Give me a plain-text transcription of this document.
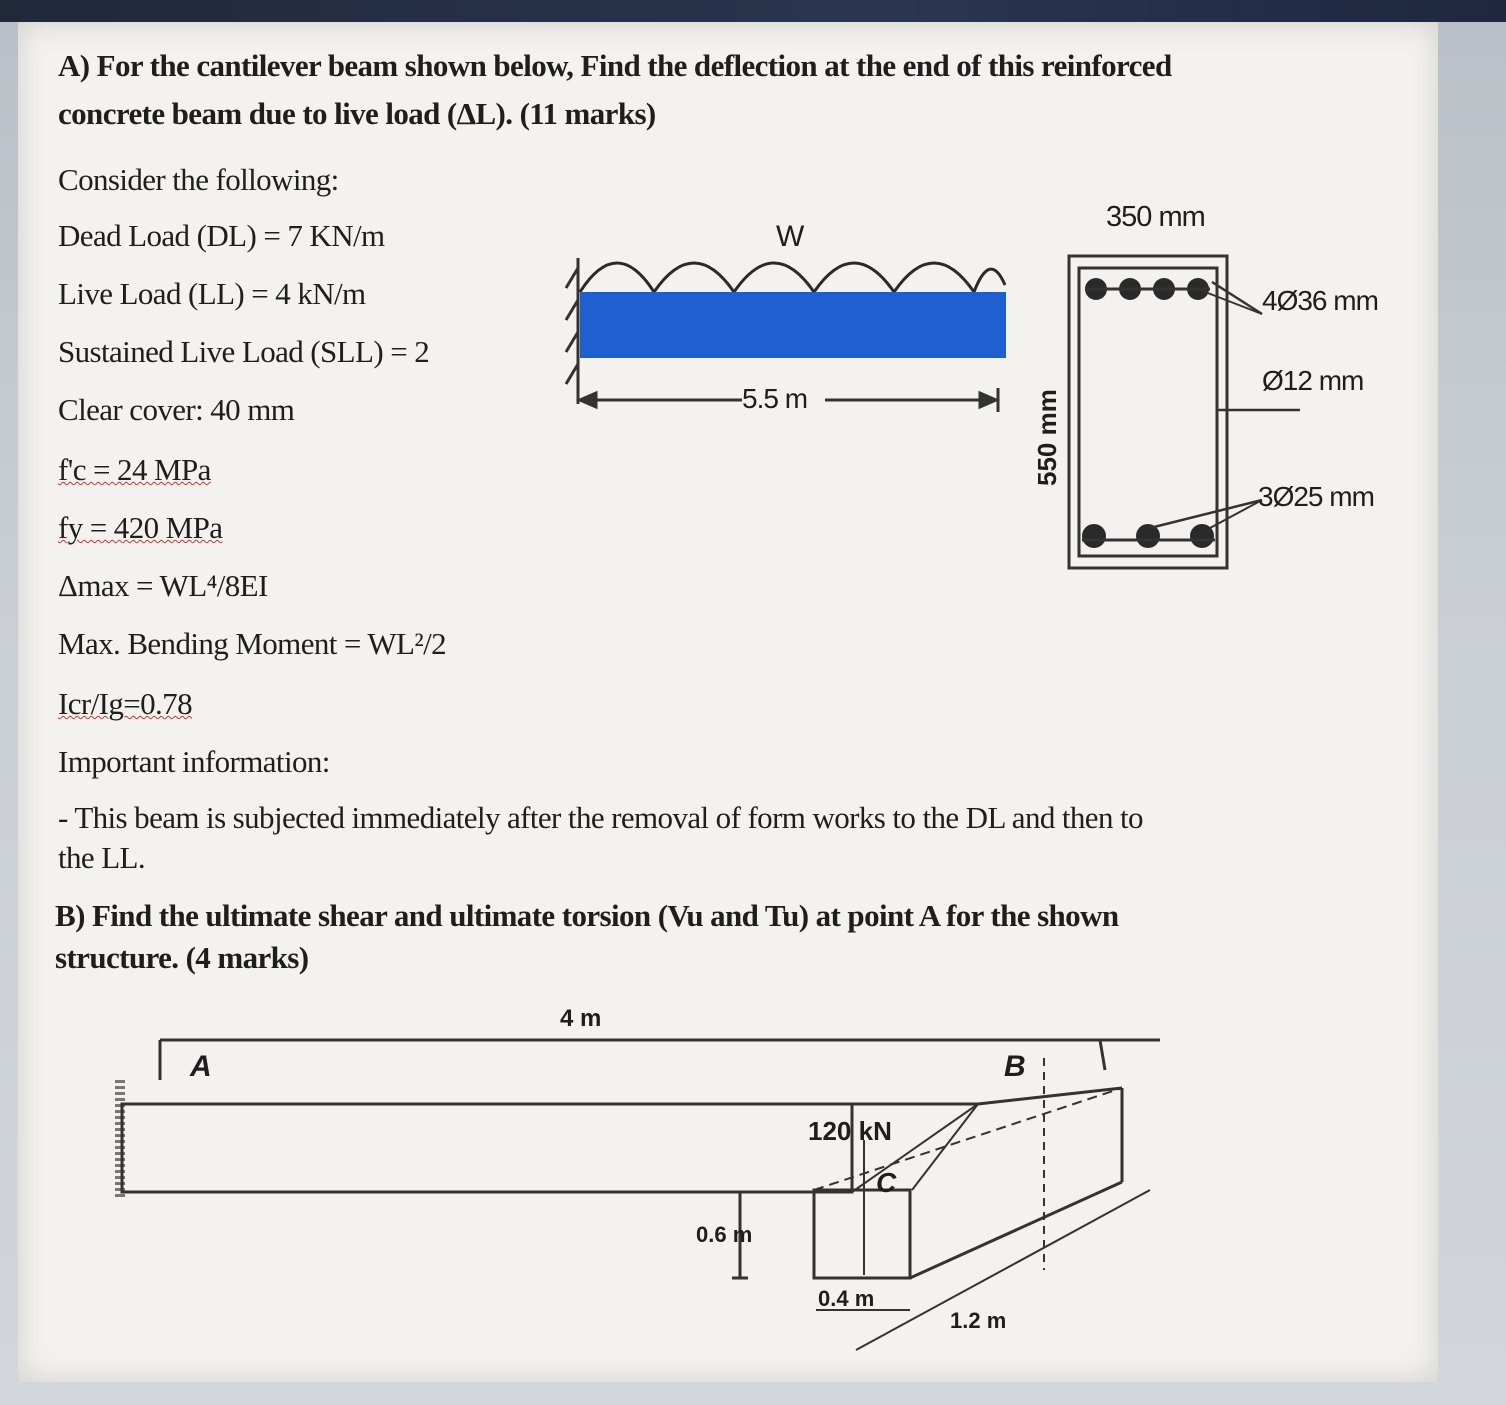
A) For the cantilever beam shown below, Find the deflection at the end of this reinforced
concrete beam due to live load (ΔL). (11 marks)
Consider the following:
Dead Load (DL) = 7 KN/m
Live Load (LL) = 4 kN/m
Sustained Live Load (SLL) = 2
Clear cover: 40 mm
f'c = 24 MPa
fy = 420 MPa
Δmax = WL⁴/8EI
Max. Bending Moment = WL²/2
Icr/Ig=0.78
Important information:
- This beam is subjected immediately after the removal of form works to the DL and then to
the LL.
B) Find the ultimate shear and ultimate torsion (Vu and Tu) at point A for the shown
structure. (4 marks)
W
5.5 m
350 mm
550 mm
4Ø36 mm
Ø12 mm
3Ø25 mm
4 m
A	B
C
120 kN
0.6 m
0.4 m
1.2 m
